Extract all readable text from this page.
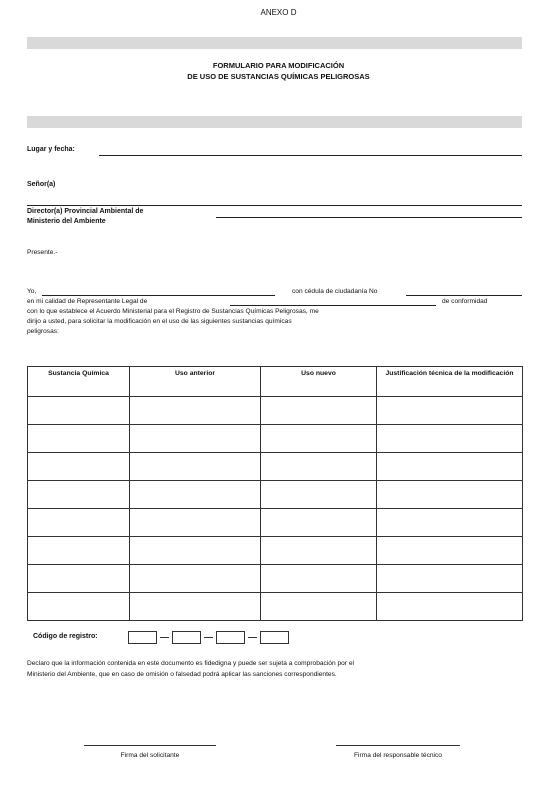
ANEXO D
FORMULARIO PARA MODIFICACIÓN
DE USO DE SUSTANCIAS QUÍMICAS PELIGROSAS
Lugar y fecha:
Señor(a)
Director(a) Provincial Ambiental de
Ministerio del Ambiente
Presente.-
Yo,	con cédula de ciudadanía No
en mi calidad de Representante Legal de	de conformidad
con lo que establece el Acuerdo Ministerial para el Registro de Sustancias Químicas Peligrosas, me
dirijo a usted, para solicitar la modificación en el uso de las siguientes sustancias químicas
peligrosas:
Sustancia Química	Uso anterior	Uso nuevo	Justificación técnica de la modificación

Código de registro:
Declaro que la información contenida en este documento es fidedigna y puede ser sujeta a comprobación por el
Ministerio del Ambiente, que en caso de omisión o falsedad podrá aplicar las sanciones correspondientes.
Firma del solicitante	Firma del responsable técnico
